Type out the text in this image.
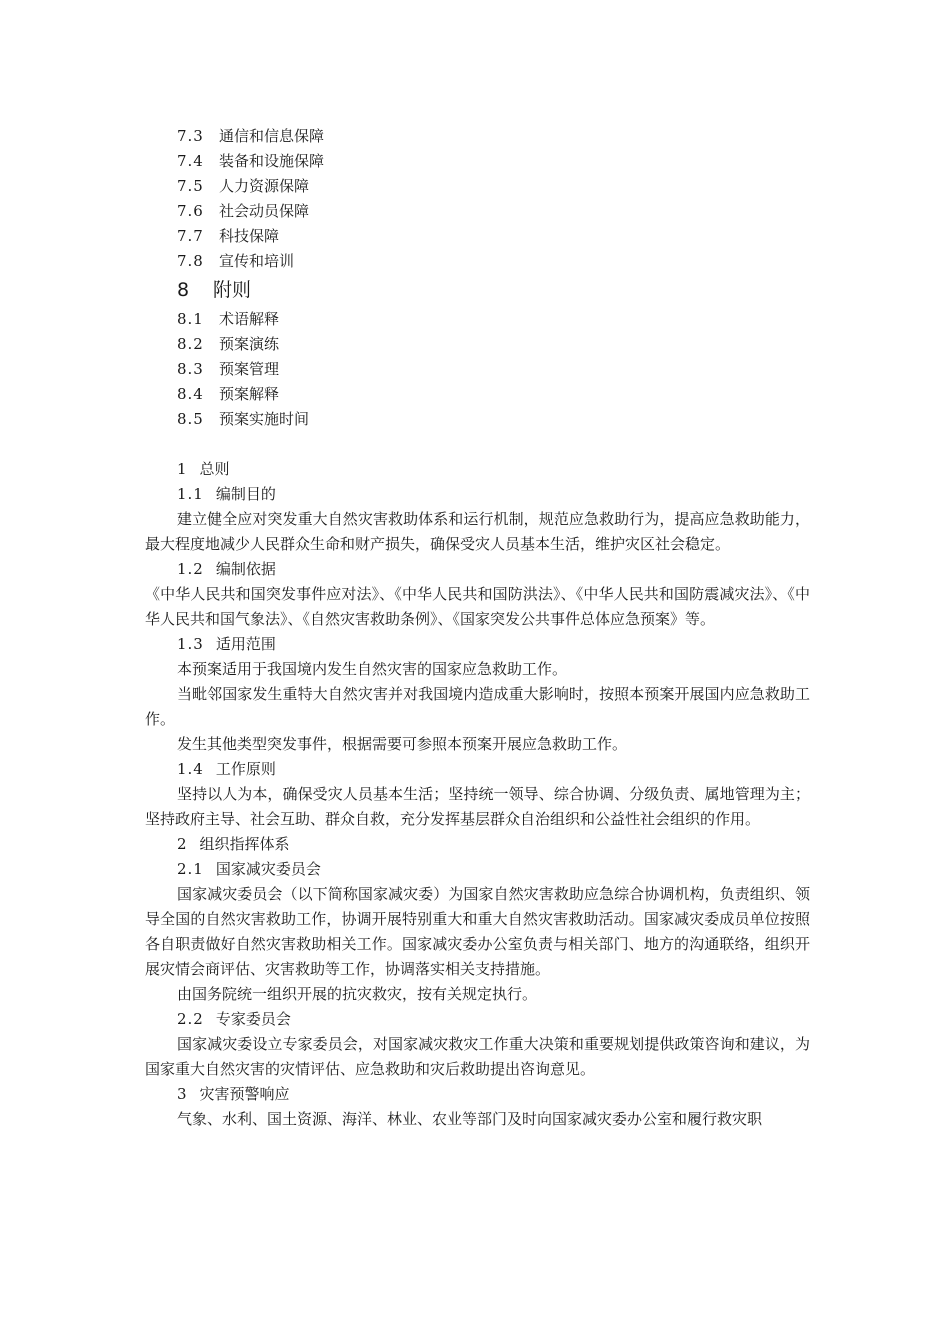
7.3 通信和信息保障
7.4 装备和设施保障
7.5 人力资源保障
7.6 社会动员保障
7.7 科技保障
7.8 宣传和培训
8 附则
8.1 术语解释
8.2 预案演练
8.3 预案管理
8.4 预案解释
8.5 预案实施时间
1 总则
1.1 编制目的

建立健全应对突发重大自然灾害救助体系和运行机制，规范应急救助行为，提高应急救助能力，最大程度地减少人民群众生命和财产损失，确保受灾人员基本生活，维护灾区社会稳定。

1.2 编制依据

《中华人民共和国突发事件应对法》、《中华人民共和国防洪法》、《中华人民共和国防震减灾法》、《中华人民共和国气象法》、《自然灾害救助条例》、《国家突发公共事件总体应急预案》等。

1.3 适用范围

本预案适用于我国境内发生自然灾害的国家应急救助工作。

当毗邻国家发生重特大自然灾害并对我国境内造成重大影响时，按照本预案开展国内应急救助工作。

发生其他类型突发事件，根据需要可参照本预案开展应急救助工作。

1.4 工作原则

坚持以人为本，确保受灾人员基本生活；坚持统一领导、综合协调、分级负责、属地管理为主；坚持政府主导、社会互助、群众自救，充分发挥基层群众自治组织和公益性社会组织的作用。

2 组织指挥体系
2.1 国家减灾委员会

国家减灾委员会（以下简称国家减灾委）为国家自然灾害救助应急综合协调机构，负责组织、领导全国的自然灾害救助工作，协调开展特别重大和重大自然灾害救助活动。国家减灾委成员单位按照各自职责做好自然灾害救助相关工作。国家减灾委办公室负责与相关部门、地方的沟通联络，组织开展灾情会商评估、灾害救助等工作，协调落实相关支持措施。

由国务院统一组织开展的抗灾救灾，按有关规定执行。

2.2 专家委员会

国家减灾委设立专家委员会，对国家减灾救灾工作重大决策和重要规划提供政策咨询和建议，为国家重大自然灾害的灾情评估、应急救助和灾后救助提出咨询意见。

3 灾害预警响应

气象、水利、国土资源、海洋、林业、农业等部门及时向国家减灾委办公室和履行救灾职
